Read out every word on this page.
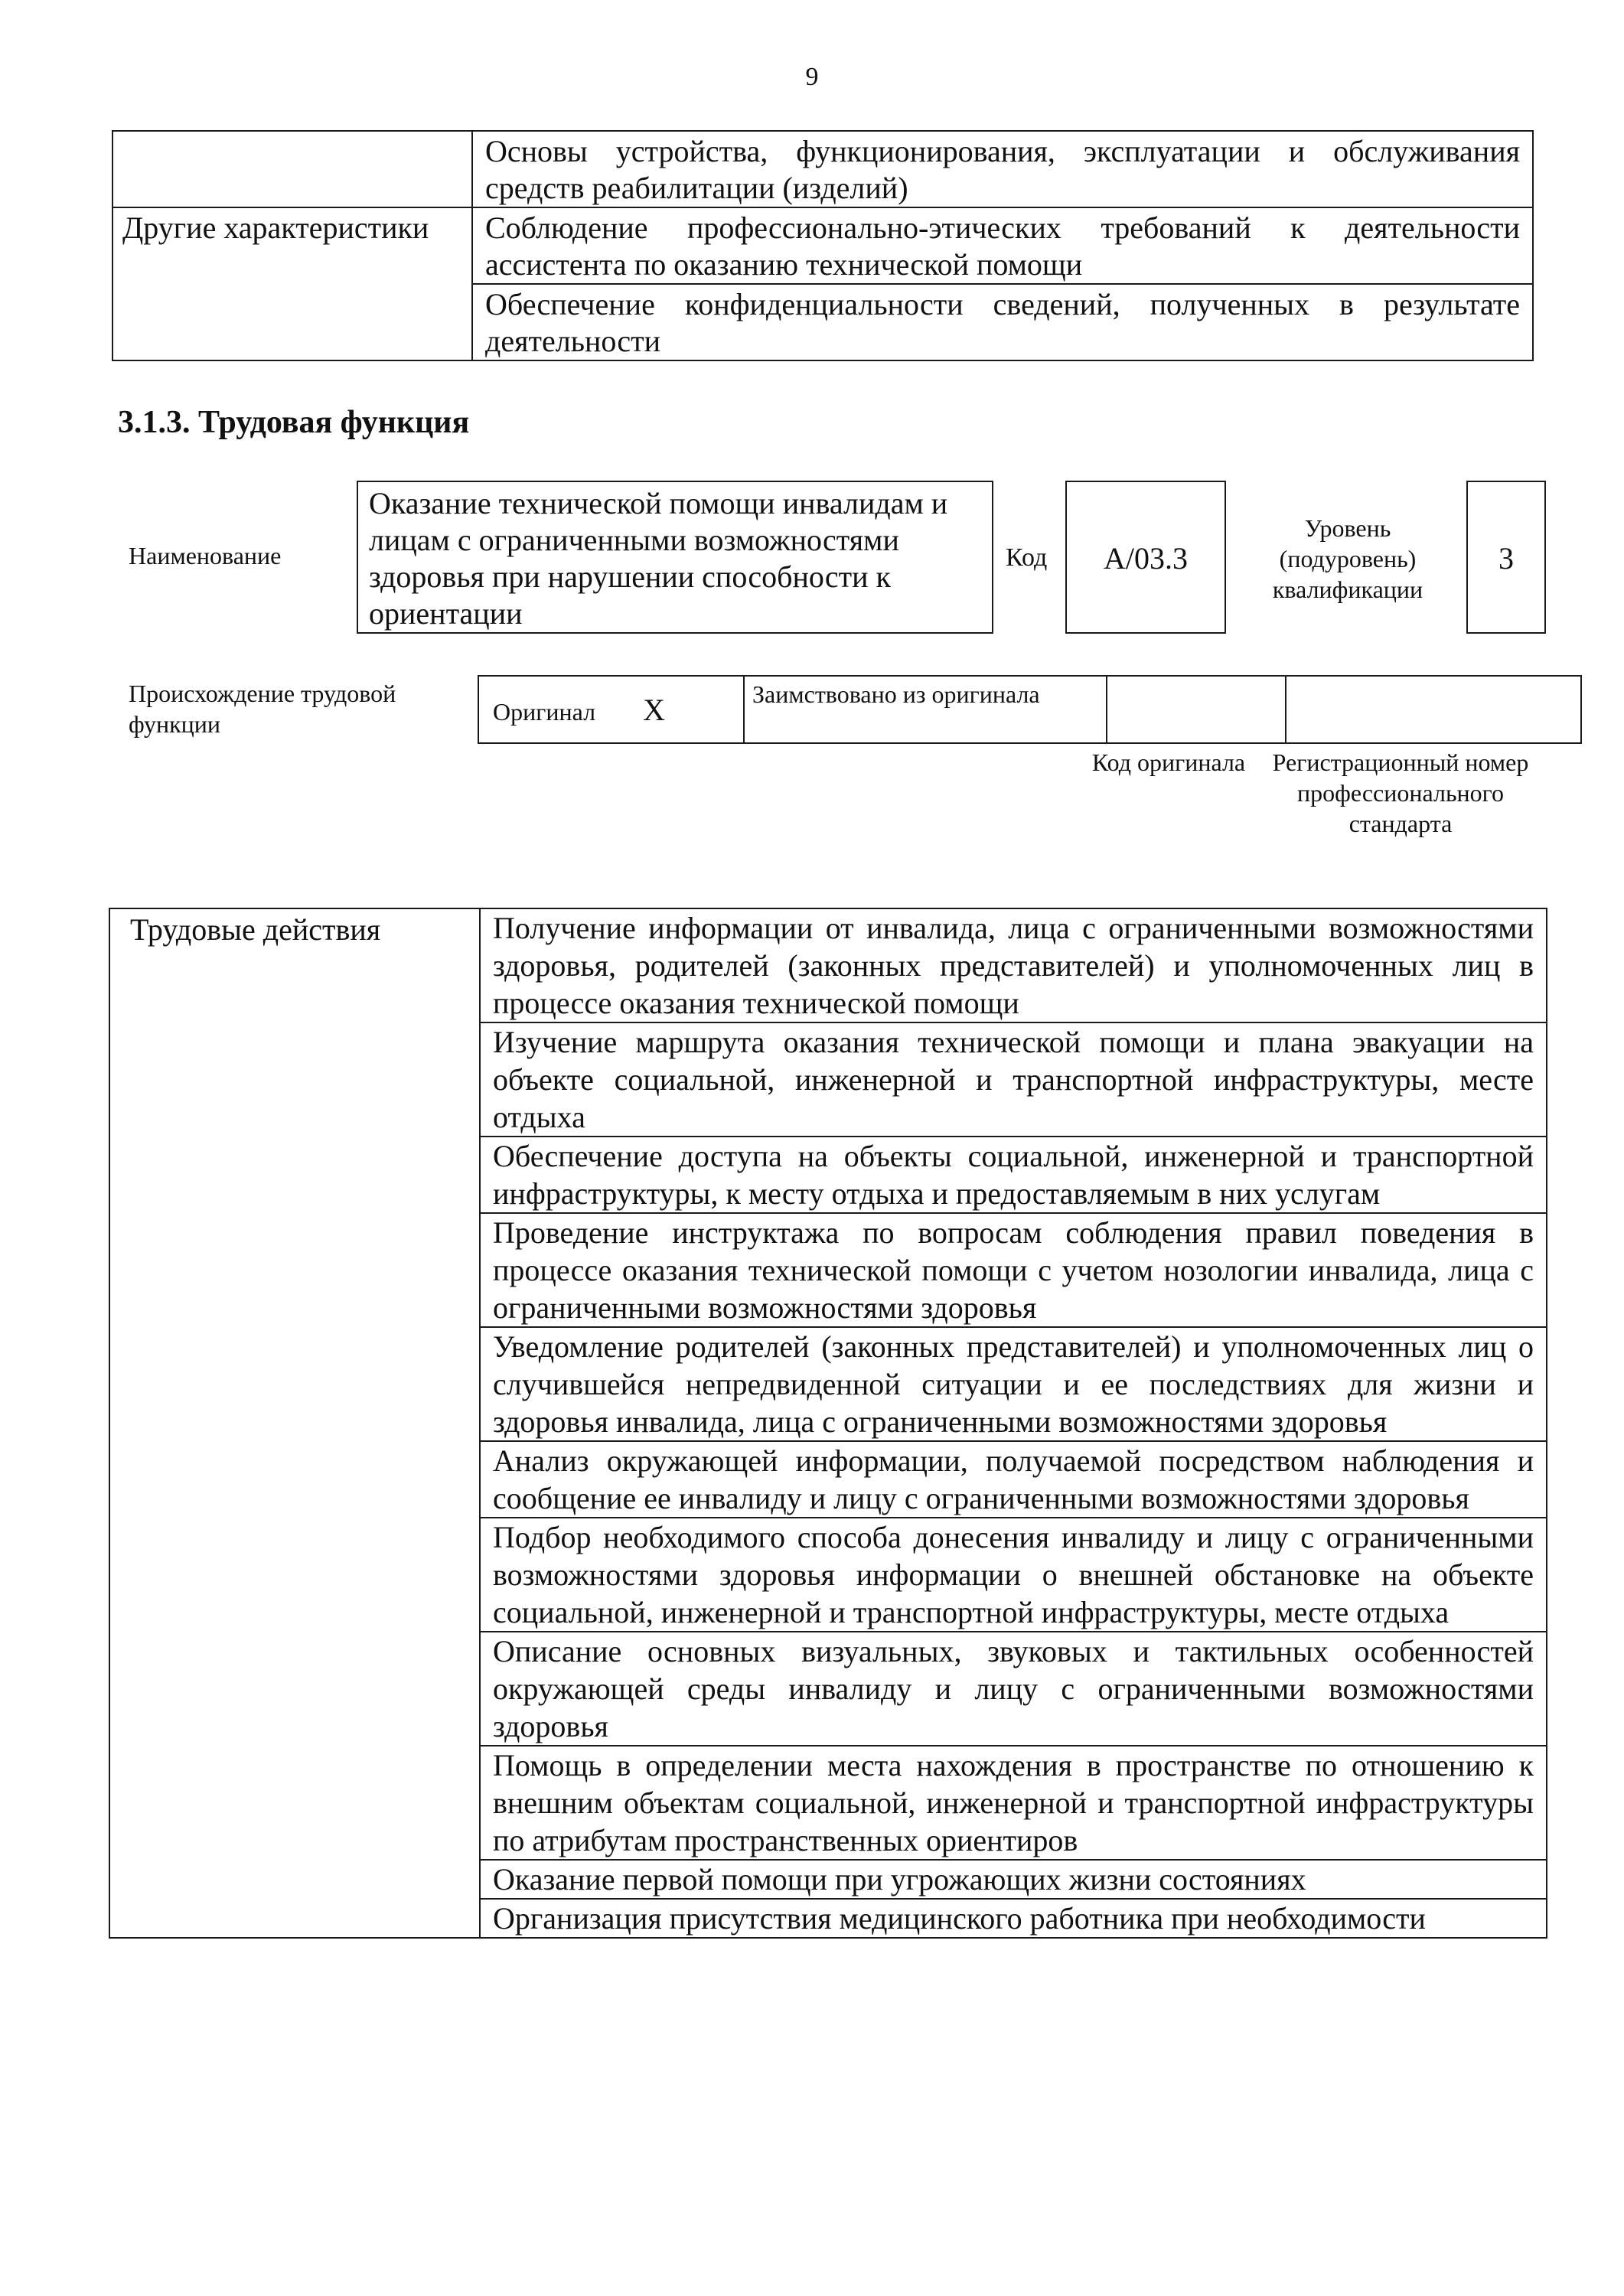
9
	Основы устройства, функционирования, эксплуатации и обслуживания средств реабилитации (изделий)
Другие характеристики	Соблюдение профессионально-этических требований к деятельности ассистента по оказанию технической помощи
	Обеспечение конфиденциальности сведений, полученных в результате деятельности
3.1.3. Трудовая функция
Наименование
Оказание технической помощи инвалидам и лицам с ограниченными возможностями здоровья при нарушении способности к ориентации
Код	A/03.3
Уровень (подуровень) квалификации
3
Происхождение трудовой функции	Оригинал X	Заимствовано из оригинала		
Код оригинала	Регистрационный номер профессионального стандарта
Трудовые действия	Получение информации от инвалида, лица с ограниченными возможностями здоровья, родителей (законных представителей) и уполномоченных лиц в процессе оказания технической помощи
Изучение маршрута оказания технической помощи и плана эвакуации на объекте социальной, инженерной и транспортной инфраструктуры, месте отдыха
Обеспечение доступа на объекты социальной, инженерной и транспортной инфраструктуры, к месту отдыха и предоставляемым в них услугам
Проведение инструктажа по вопросам соблюдения правил поведения в процессе оказания технической помощи с учетом нозологии инвалида, лица с ограниченными возможностями здоровья
Уведомление родителей (законных представителей) и уполномоченных лиц о случившейся непредвиденной ситуации и ее последствиях для жизни и здоровья инвалида, лица с ограниченными возможностями здоровья
Анализ окружающей информации, получаемой посредством наблюдения и сообщение ее инвалиду и лицу с ограниченными возможностями здоровья
Подбор необходимого способа донесения инвалиду и лицу с ограниченными возможностями здоровья информации о внешней обстановке на объекте социальной, инженерной и транспортной инфраструктуры, месте отдыха
Описание основных визуальных, звуковых и тактильных особенностей окружающей среды инвалиду и лицу с ограниченными возможностями здоровья
Помощь в определении места нахождения в пространстве по отношению к внешним объектам социальной, инженерной и транспортной инфраструктуры по атрибутам пространственных ориентиров
Оказание первой помощи при угрожающих жизни состояниях
Организация присутствия медицинского работника при необходимости
